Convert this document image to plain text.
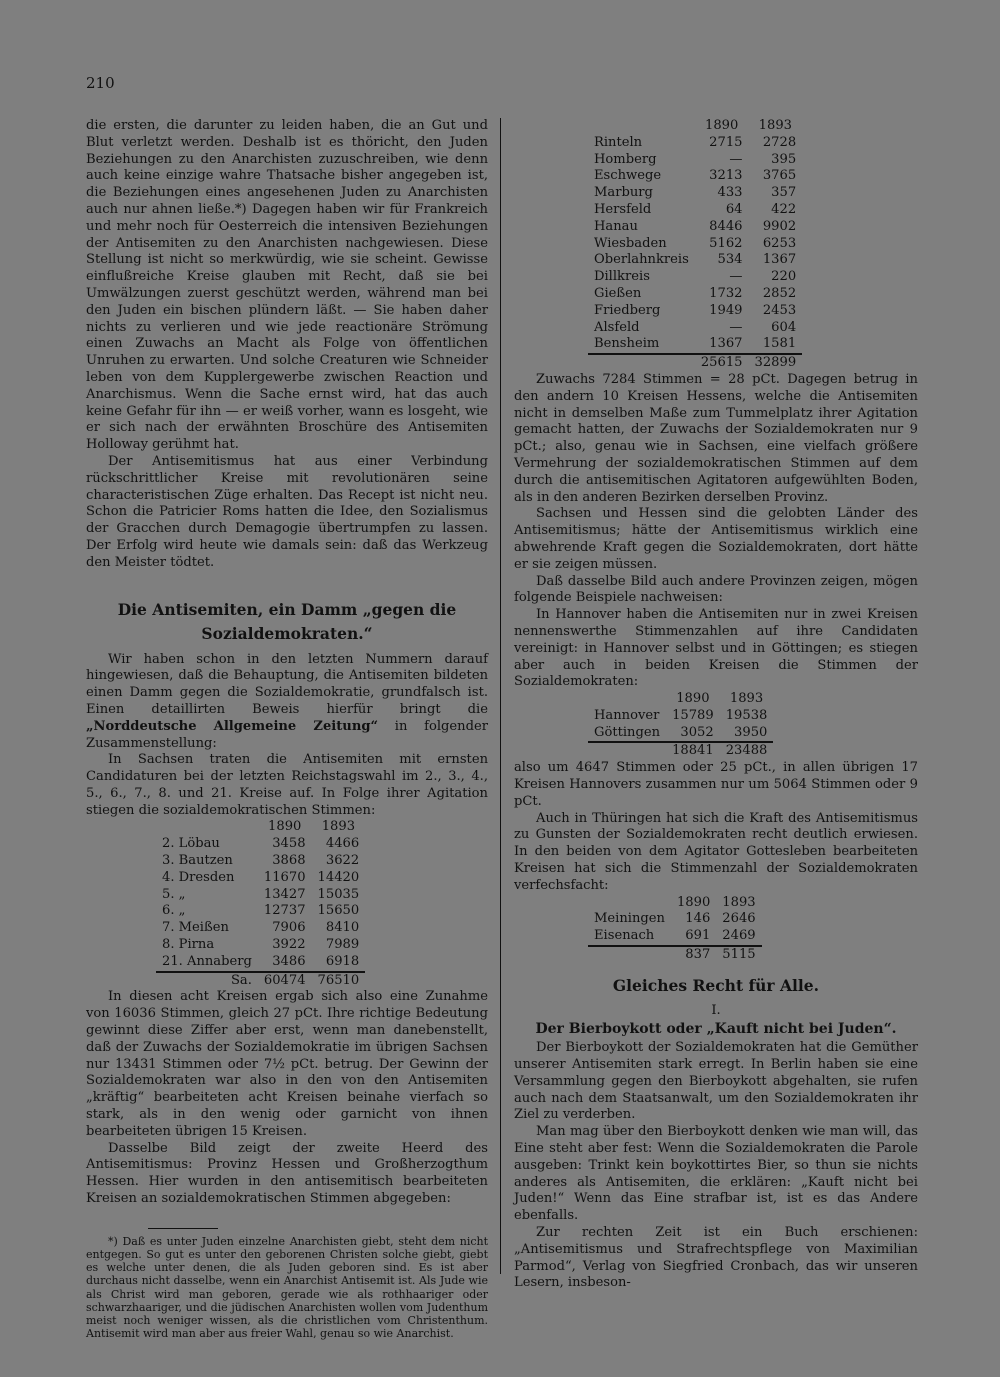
210

die ersten, die darunter zu leiden haben, die an Gut und Blut verletzt werden. Deshalb ist es thöricht, den Juden Beziehungen zu den Anarchisten zuzuschreiben, wie denn auch keine einzige wahre Thatsache bisher angegeben ist, die Beziehungen eines angesehenen Juden zu Anarchisten auch nur ahnen ließe.*) Dagegen haben wir für Frankreich und mehr noch für Oesterreich die intensiven Beziehungen der Antisemiten zu den Anarchisten nachgewiesen. Diese Stellung ist nicht so merkwürdig, wie sie scheint. Gewisse einflußreiche Kreise glauben mit Recht, daß sie bei Umwälzungen zuerst geschützt werden, während man bei den Juden ein bischen plündern läßt. — Sie haben daher nichts zu verlieren und wie jede reactionäre Strömung einen Zuwachs an Macht als Folge von öffentlichen Unruhen zu erwarten. Und solche Creaturen wie Schneider leben von dem Kupplergewerbe zwischen Reaction und Anarchismus. Wenn die Sache ernst wird, hat das auch keine Gefahr für ihn — er weiß vorher, wann es losgeht, wie er sich nach der erwähnten Broschüre des Antisemiten Holloway gerühmt hat.

Der Antisemitismus hat aus einer Verbindung rückschrittlicher Kreise mit revolutionären seine characteristischen Züge erhalten. Das Recept ist nicht neu. Schon die Patricier Roms hatten die Idee, den Sozialismus der Gracchen durch Demagogie übertrumpfen zu lassen. Der Erfolg wird heute wie damals sein: daß das Werkzeug den Meister tödtet.

Die Antisemiten, ein Damm „gegen die Sozialdemokraten.“

Wir haben schon in den letzten Nummern darauf hingewiesen, daß die Behauptung, die Antisemiten bildeten einen Damm gegen die Sozialdemokratie, grundfalsch ist. Einen detaillirten Beweis hierfür bringt die „Norddeutsche Allgemeine Zeitung“ in folgender Zusammenstellung:

In Sachsen traten die Antisemiten mit ernsten Candidaturen bei der letzten Reichstagswahl im 2., 3., 4., 5., 6., 7., 8. und 21. Kreise auf. In Folge ihrer Agitation stiegen die sozialdemokratischen Stimmen:

	1890	1893
2. Löbau	3458	4466
3. Bautzen	3868	3622
4. Dresden	11670	14420
5. „	13427	15035
6. „	12737	15650
7. Meißen	7906	8410
8. Pirna	3922	7989
21. Annaberg	3486	6918
Sa.	60474	76510

In diesen acht Kreisen ergab sich also eine Zunahme von 16036 Stimmen, gleich 27 pCt. Ihre richtige Bedeutung gewinnt diese Ziffer aber erst, wenn man danebenstellt, daß der Zuwachs der Sozialdemokratie im übrigen Sachsen nur 13431 Stimmen oder 7½ pCt. betrug. Der Gewinn der Sozialdemokraten war also in den von den Antisemiten „kräftig“ bearbeiteten acht Kreisen beinahe vierfach so stark, als in den wenig oder garnicht von ihnen bearbeiteten übrigen 15 Kreisen.

Dasselbe Bild zeigt der zweite Heerd des Antisemitismus: Provinz Hessen und Großherzogthum Hessen. Hier wurden in den antisemitisch bearbeiteten Kreisen an sozialdemokratischen Stimmen abgegeben:

*) Daß es unter Juden einzelne Anarchisten giebt, steht dem nicht entgegen. So gut es unter den geborenen Christen solche giebt, giebt es welche unter denen, die als Juden geboren sind. Es ist aber durchaus nicht dasselbe, wenn ein Anarchist Antisemit ist. Als Jude wie als Christ wird man geboren, gerade wie als rothhaariger oder schwarzhaariger, und die jüdischen Anarchisten wollen vom Judenthum meist noch weniger wissen, als die christlichen vom Christenthum. Antisemit wird man aber aus freier Wahl, genau so wie Anarchist.

	1890	1893
Rinteln	2715	2728
Homberg	—	395
Eschwege	3213	3765
Marburg	433	357
Hersfeld	64	422
Hanau	8446	9902
Wiesbaden	5162	6253
Oberlahnkreis	534	1367
Dillkreis	—	220
Gießen	1732	2852
Friedberg	1949	2453
Alsfeld	—	604
Bensheim	1367	1581
	25615	32899

Zuwachs 7284 Stimmen = 28 pCt. Dagegen betrug in den andern 10 Kreisen Hessens, welche die Antisemiten nicht in demselben Maße zum Tummelplatz ihrer Agitation gemacht hatten, der Zuwachs der Sozialdemokraten nur 9 pCt.; also, genau wie in Sachsen, eine vielfach größere Vermehrung der sozialdemokratischen Stimmen auf dem durch die antisemitischen Agitatoren aufgewühlten Boden, als in den anderen Bezirken derselben Provinz.

Sachsen und Hessen sind die gelobten Länder des Antisemitismus; hätte der Antisemitismus wirklich eine abwehrende Kraft gegen die Sozialdemokraten, dort hätte er sie zeigen müssen.

Daß dasselbe Bild auch andere Provinzen zeigen, mögen folgende Beispiele nachweisen:

In Hannover haben die Antisemiten nur in zwei Kreisen nennenswerthe Stimmenzahlen auf ihre Candidaten vereinigt: in Hannover selbst und in Göttingen; es stiegen aber auch in beiden Kreisen die Stimmen der Sozialdemokraten:

	1890	1893
Hannover	15789	19538
Göttingen	3052	3950
	18841	23488

also um 4647 Stimmen oder 25 pCt., in allen übrigen 17 Kreisen Hannovers zusammen nur um 5064 Stimmen oder 9 pCt.

Auch in Thüringen hat sich die Kraft des Antisemitismus zu Gunsten der Sozialdemokraten recht deutlich erwiesen. In den beiden von dem Agitator Gottesleben bearbeiteten Kreisen hat sich die Stimmenzahl der Sozialdemokraten verfechsfacht:

	1890	1893
Meiningen	146	2646
Eisenach	691	2469
	837	5115
Gleiches Recht für Alle.
I.
Der Bierboykott oder „Kauft nicht bei Juden“.

Der Bierboykott der Sozialdemokraten hat die Gemüther unserer Antisemiten stark erregt. In Berlin haben sie eine Versammlung gegen den Bierboykott abgehalten, sie rufen auch nach dem Staatsanwalt, um den Sozialdemokraten ihr Ziel zu verderben.

Man mag über den Bierboykott denken wie man will, das Eine steht aber fest: Wenn die Sozialdemokraten die Parole ausgeben: Trinkt kein boykottirtes Bier, so thun sie nichts anderes als Antisemiten, die erklären: „Kauft nicht bei Juden!“ Wenn das Eine strafbar ist, ist es das Andere ebenfalls.

Zur rechten Zeit ist ein Buch erschienen: „Antisemitismus und Strafrechtspflege von Maximilian Parmod“, Verlag von Siegfried Cronbach, das wir unseren Lesern, insbeson-
